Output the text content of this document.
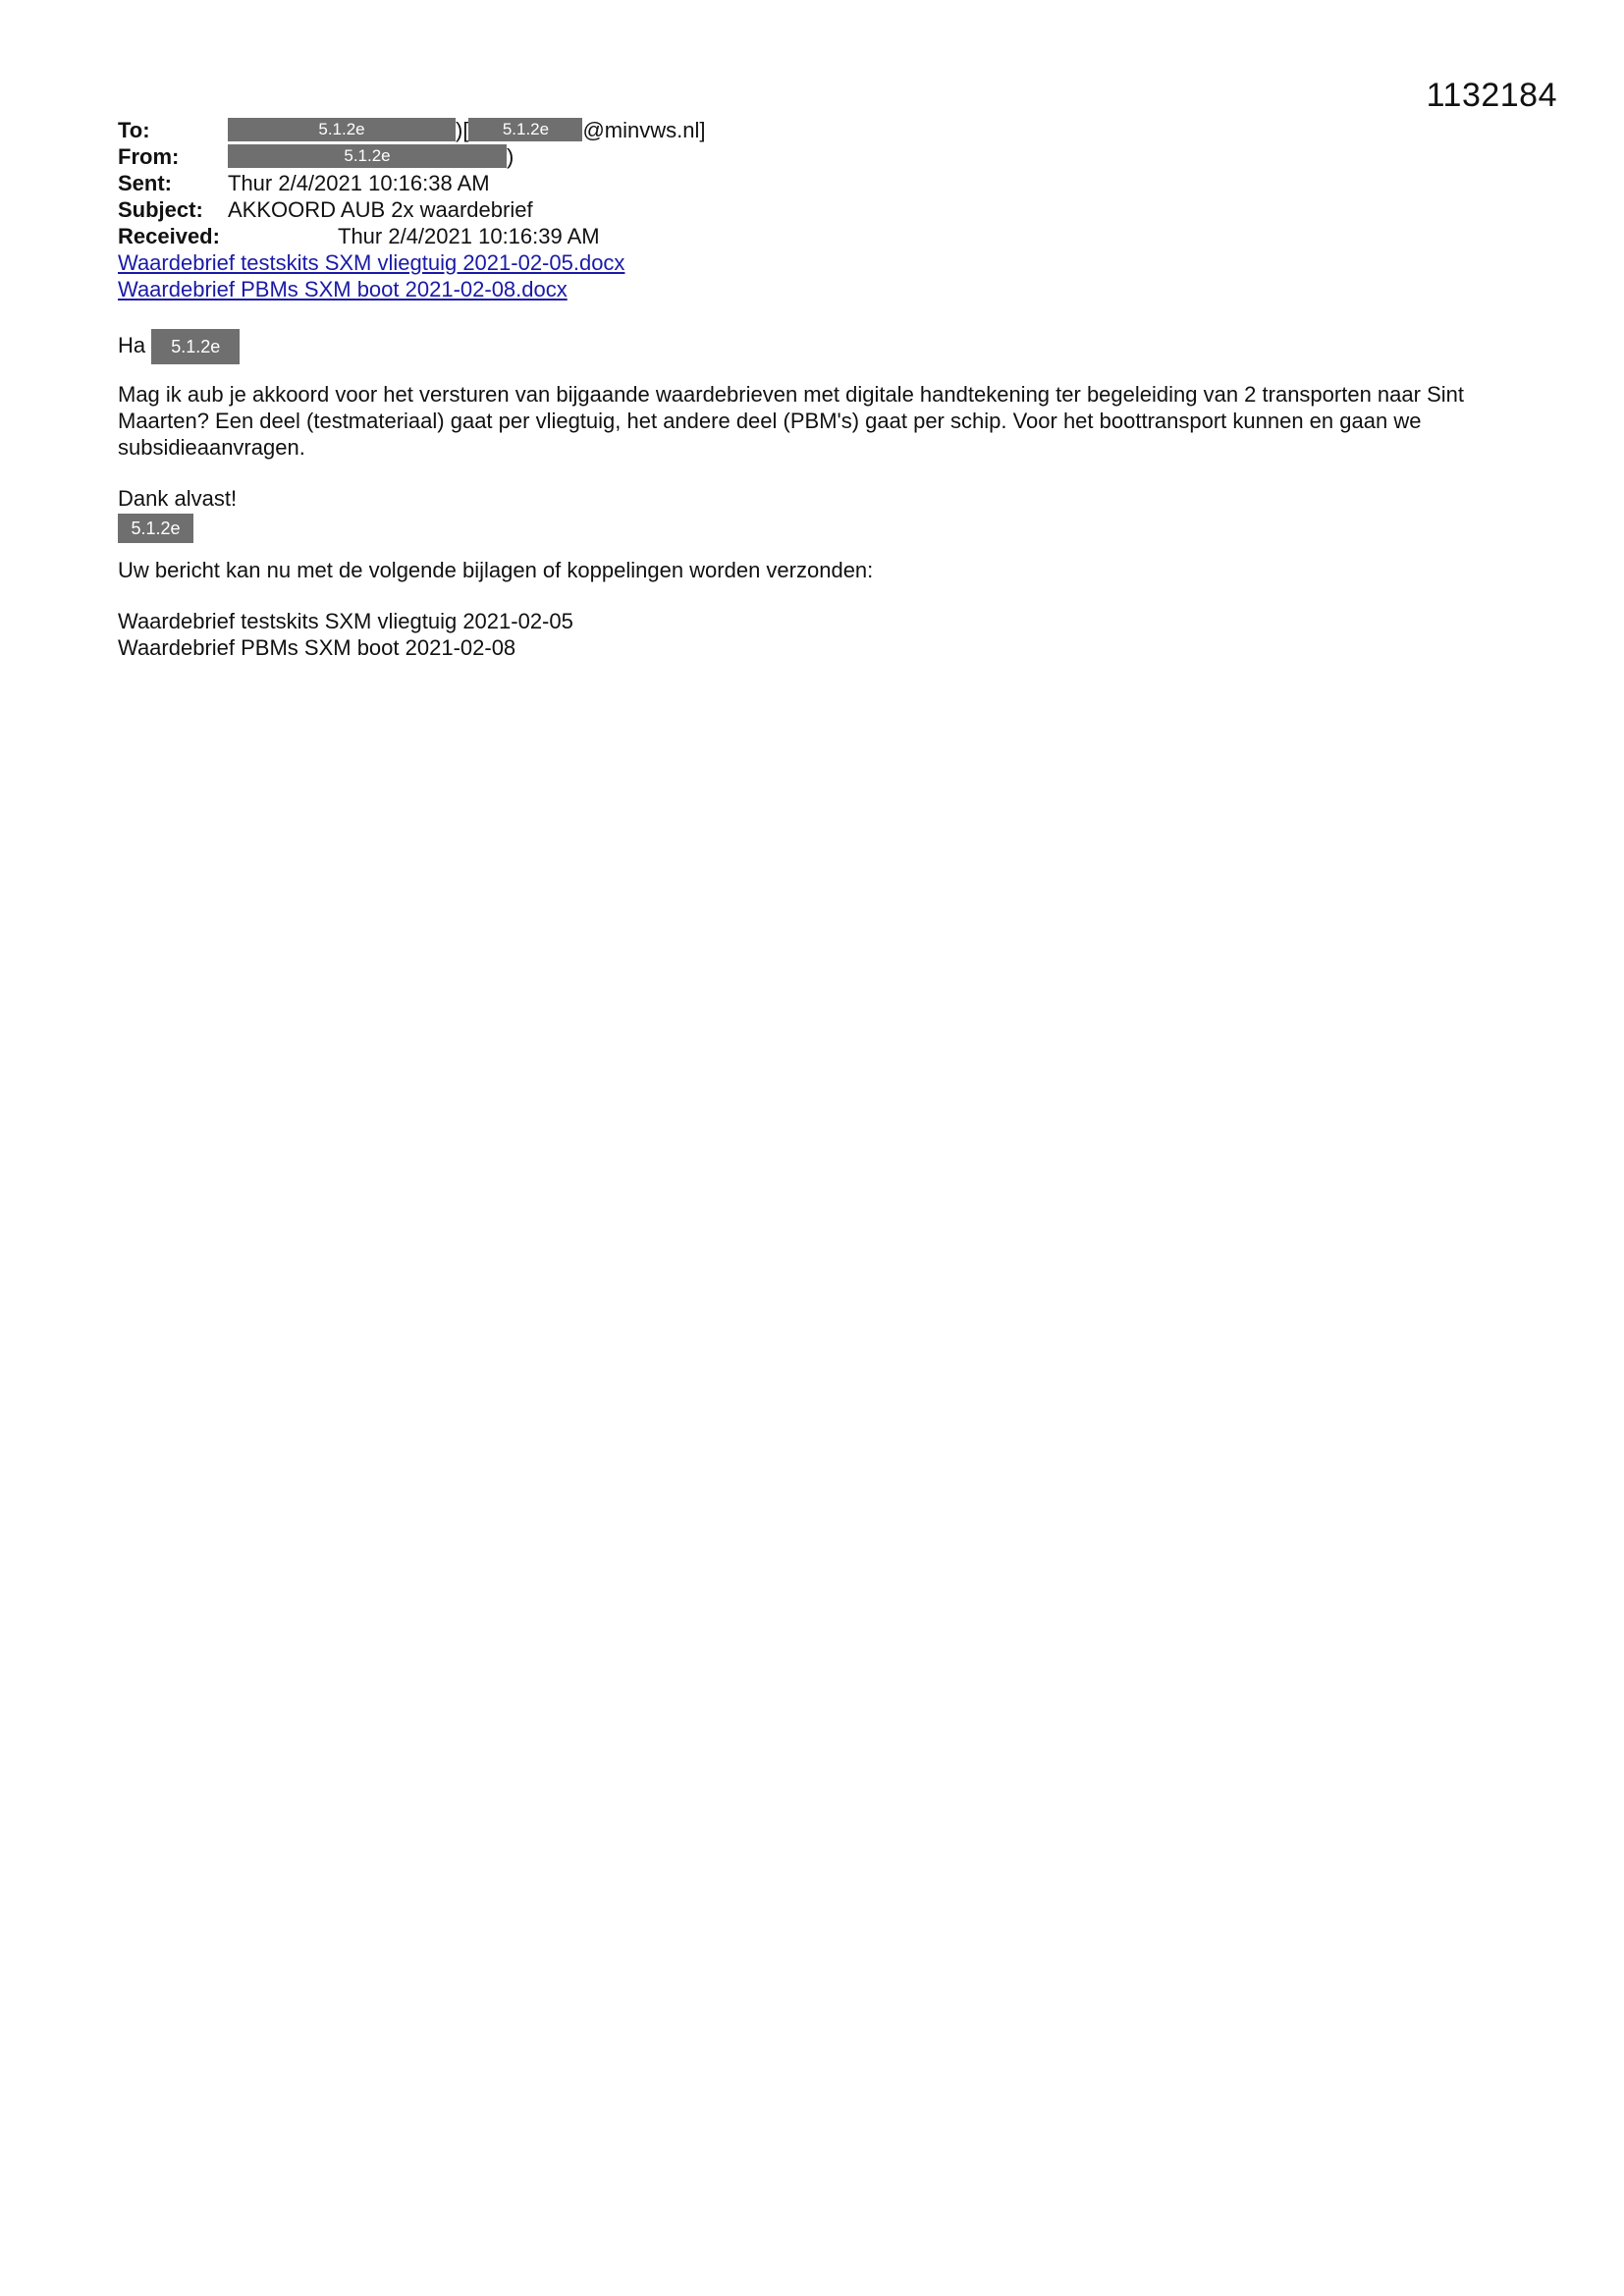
1132184
To:	5.1.2e	)[ 5.1.2e @minvws.nl]
From:	5.1.2e	)
Sent:	Thur 2/4/2021 10:16:38 AM
Subject: AKKOORD AUB 2x waardebrief
Received:	Thur 2/4/2021 10:16:39 AM
Waardebrief testskits SXM vliegtuig 2021-02-05.docx
Waardebrief PBMs SXM boot 2021-02-08.docx
Ha 5.1.2e
Mag ik aub je akkoord voor het versturen van bijgaande waardebrieven met digitale handtekening ter begeleiding van 2 transporten naar Sint Maarten? Een deel (testmateriaal) gaat per vliegtuig, het andere deel (PBM's) gaat per schip. Voor het boottransport kunnen en gaan we subsidieaanvragen.
Dank alvast!
5.1.2e
Uw bericht kan nu met de volgende bijlagen of koppelingen worden verzonden:
Waardebrief testskits SXM vliegtuig 2021-02-05
Waardebrief PBMs SXM boot 2021-02-08
